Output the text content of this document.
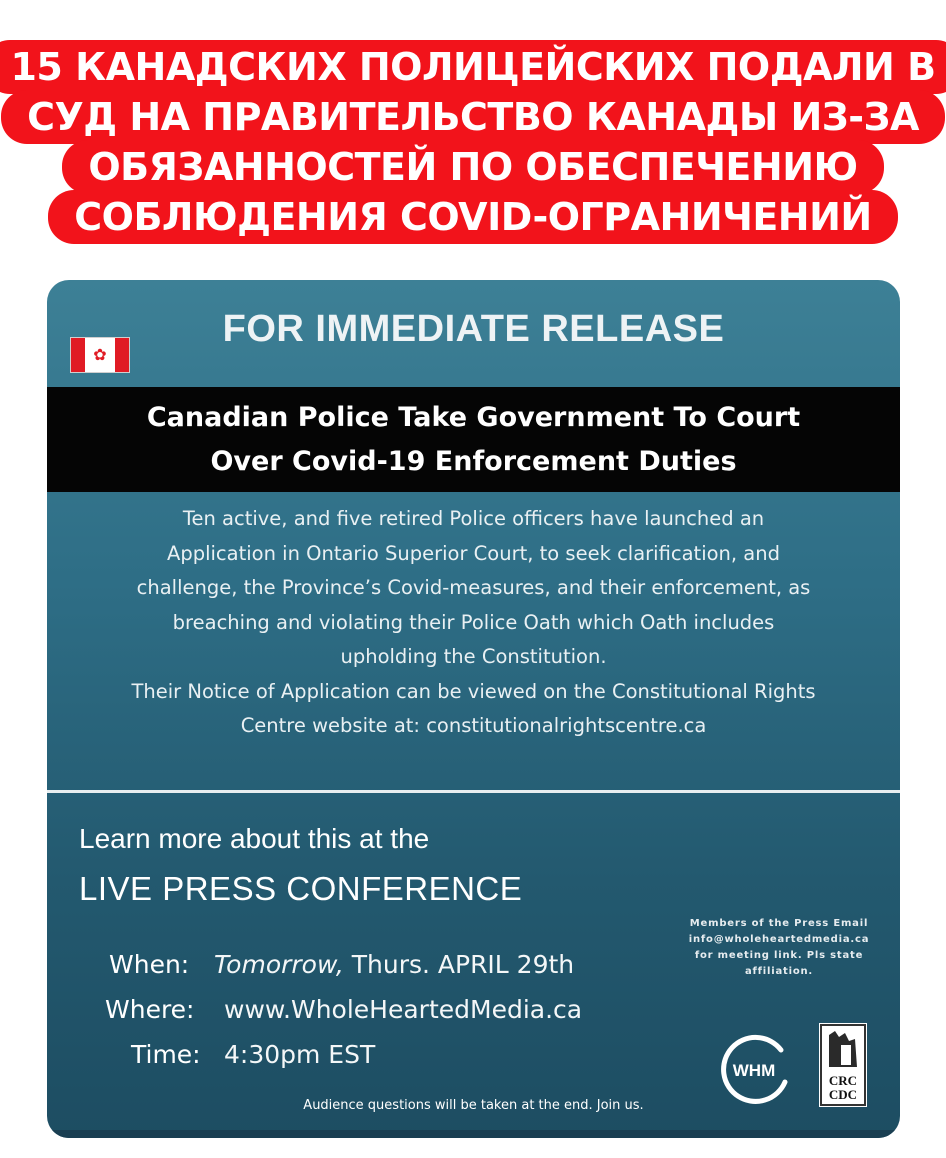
15 КАНАДСКИХ ПОЛИЦЕЙСКИХ ПОДАЛИ В
СУД НА ПРАВИТЕЛЬСТВО КАНАДЫ ИЗ-ЗА
ОБЯЗАННОСТЕЙ ПО ОБЕСПЕЧЕНИЮ
СОБЛЮДЕНИЯ COVID-ОГРАНИЧЕНИЙ
✿
FOR IMMEDIATE RELEASE
Canadian Police Take Government To Court
Over Covid-19 Enforcement Duties
Ten active, and five retired Police officers have launched an
Application in Ontario Superior Court, to seek clarification, and
challenge, the Province’s Covid-measures, and their enforcement, as
breaching and violating their Police Oath which Oath includes
upholding the Constitution.
Their Notice of Application can be viewed on the Constitutional Rights
Centre website at: constitutionalrightscentre.ca
Learn more about this at the
LIVE PRESS CONFERENCE
When: Tomorrow, Thurs. APRIL 29th
Where: www.WholeHeartedMedia.ca
Time: 4:30pm EST
Members of the Press Email
info@wholeheartedmedia.ca
for meeting link. Pls state
affiliation.
WHM
CRC
CDC
Audience questions will be taken at the end. Join us.
